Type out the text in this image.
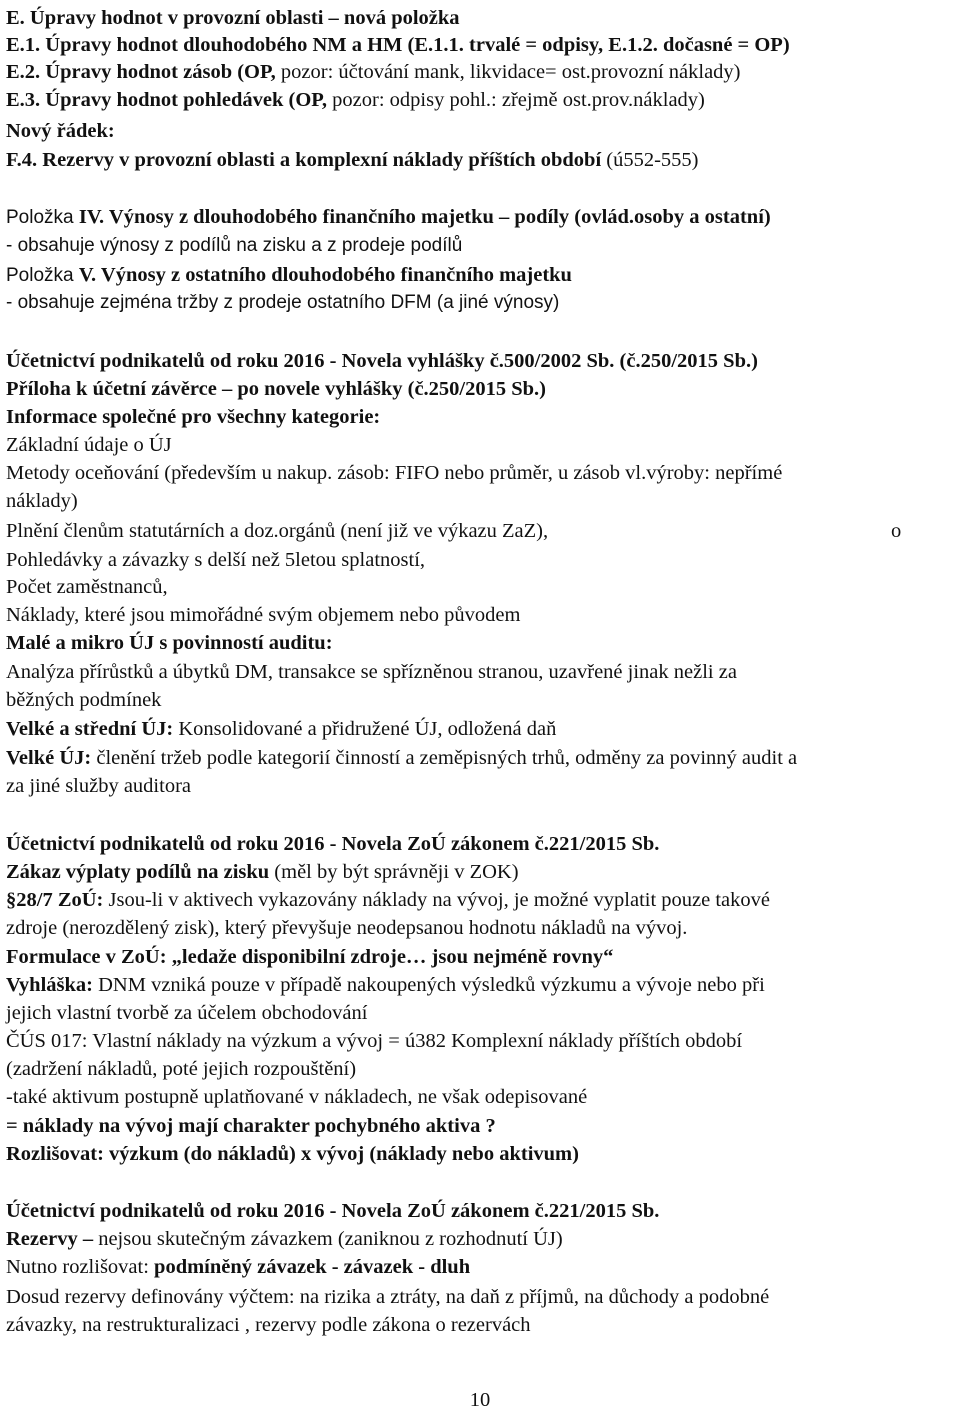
E. Úpravy hodnot v provozní oblasti – nová položka
E.1. Úpravy hodnot dlouhodobého NM a HM (E.1.1. trvalé = odpisy, E.1.2. dočasné = OP)
E.2. Úpravy hodnot zásob (OP, pozor: účtování mank, likvidace= ost.provozní náklady)
E.3. Úpravy hodnot pohledávek (OP, pozor: odpisy pohl.: zřejmě ost.prov.náklady)
Nový řádek:
F.4. Rezervy v provozní oblasti a komplexní náklady příštích období (ú552-555)
Položka IV. Výnosy z dlouhodobého finančního majetku – podíly (ovlád.osoby a ostatní)
- obsahuje výnosy z podílů na zisku a z prodeje podílů
Položka V. Výnosy z ostatního dlouhodobého finančního majetku
- obsahuje zejména tržby z prodeje ostatního DFM (a jiné výnosy)
Účetnictví podnikatelů od roku 2016 - Novela vyhlášky č.500/2002 Sb. (č.250/2015 Sb.)
Příloha k účetní závěrce – po novele vyhlášky (č.250/2015 Sb.)
Informace společné pro všechny kategorie:
Základní údaje o ÚJ
Metody oceňování (především u nakup. zásob: FIFO nebo průměr, u zásob vl.výroby: nepřímé
náklady)
Plnění členům statutárních a doz.orgánů (není již ve výkazu ZaZ),	o
Pohledávky a závazky s delší než 5letou splatností,
Počet zaměstnanců,
Náklady, které jsou mimořádné svým objemem nebo původem
Malé a mikro ÚJ s povinností auditu:
Analýza přírůstků a úbytků DM, transakce se spřízněnou stranou, uzavřené jinak nežli za
běžných podmínek
Velké a střední ÚJ: Konsolidované a přidružené ÚJ, odložená daň
Velké ÚJ: členění tržeb podle kategorií činností a zeměpisných trhů, odměny za povinný audit a
za jiné služby auditora
Účetnictví podnikatelů od roku 2016 - Novela ZoÚ zákonem č.221/2015 Sb.
Zákaz výplaty podílů na zisku (měl by být správněji v ZOK)
§28/7 ZoÚ: Jsou-li v aktivech vykazovány náklady na vývoj, je možné vyplatit pouze takové
zdroje (nerozdělený zisk), který převyšuje neodepsanou hodnotu nákladů na vývoj.
Formulace v ZoÚ: „ledaže disponibilní zdroje… jsou nejméně rovny“
Vyhláška: DNM vzniká pouze v případě nakoupených výsledků výzkumu a vývoje nebo při
jejich vlastní tvorbě za účelem obchodování
ČÚS 017: Vlastní náklady na výzkum a vývoj = ú382 Komplexní náklady příštích období
(zadržení nákladů, poté jejich rozpouštění)
-také aktivum postupně uplatňované v nákladech, ne však odepisované
= náklady na vývoj mají charakter pochybného aktiva ?
Rozlišovat: výzkum (do nákladů) x vývoj (náklady nebo aktivum)
Účetnictví podnikatelů od roku 2016 - Novela ZoÚ zákonem č.221/2015 Sb.
Rezervy – nejsou skutečným závazkem (zaniknou z rozhodnutí ÚJ)
Nutno rozlišovat: podmíněný závazek - závazek - dluh
Dosud rezervy definovány výčtem: na rizika a ztráty, na daň z příjmů, na důchody a podobné
závazky, na restrukturalizaci , rezervy podle zákona o rezervách
10
